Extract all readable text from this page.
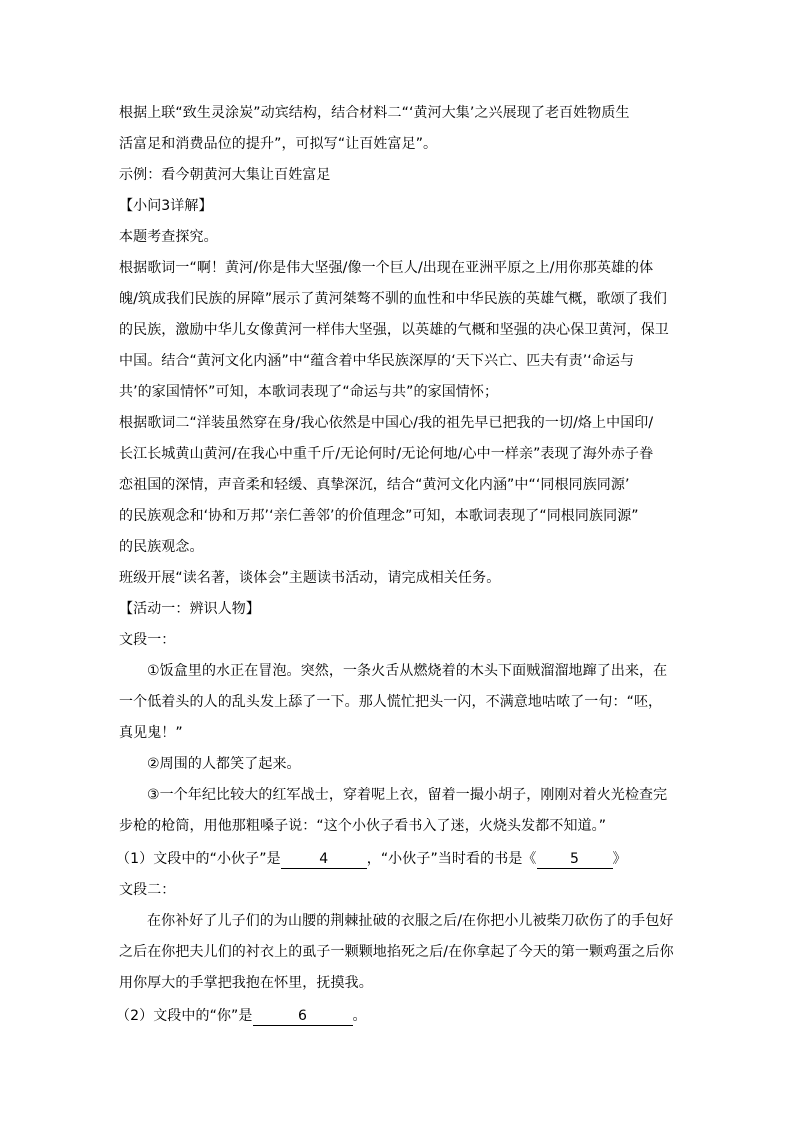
根据上联“致生灵涂炭”动宾结构，结合材料二“‘黄河大集’之兴展现了老百姓物质生
活富足和消费品位的提升”，可拟写“让百姓富足”。
示例：看今朝黄河大集让百姓富足
【小问3详解】
本题考查探究。
根据歌词一“啊！黄河/你是伟大坚强/像一个巨人/出现在亚洲平原之上/用你那英雄的体
魄/筑成我们民族的屏障”展示了黄河桀骜不驯的血性和中华民族的英雄气概，歌颂了我们
的民族，激励中华儿女像黄河一样伟大坚强，以英雄的气概和坚强的决心保卫黄河，保卫
中国。结合“黄河文化内涵”中“蕴含着中华民族深厚的‘天下兴亡、匹夫有责’‘命运与
共’的家国情怀”可知，本歌词表现了“命运与共”的家国情怀；
根据歌词二“洋装虽然穿在身/我心依然是中国心/我的祖先早已把我的一切/烙上中国印/
长江长城黄山黄河/在我心中重千斤/无论何时/无论何地/心中一样亲”表现了海外赤子眷
恋祖国的深情，声音柔和轻缓、真挚深沉，结合“黄河文化内涵”中“‘同根同族同源’
的民族观念和‘协和万邦’‘亲仁善邻’的价值理念”可知，本歌词表现了“同根同族同源”
的民族观念。
班级开展“读名著，谈体会”主题读书活动，请完成相关任务。
【活动一：辨识人物】
文段一：
①饭盒里的水正在冒泡。突然，一条火舌从燃烧着的木头下面贼溜溜地蹿了出来，在
一个低着头的人的乱头发上舔了一下。那人慌忙把头一闪，不满意地咕哝了一句：“呸，
真见鬼！”
②周围的人都笑了起来。
③一个年纪比较大的红军战士，穿着呢上衣，留着一撮小胡子，刚刚对着火光检查完
步枪的枪筒，用他那粗嗓子说：“这个小伙子看书入了迷，火烧头发都不知道。”
（1）文段中的“小伙子”是	4	，“小伙子”当时看的书是《 5 》
文段二：
在你补好了儿子们的为山腰的荆棘扯破的衣服之后/在你把小儿被柴刀砍伤了的手包好
之后在你把夫儿们的衬衣上的虱子一颗颗地掐死之后/在你拿起了今天的第一颗鸡蛋之后你
用你厚大的手掌把我抱在怀里，抚摸我。
（2）文段中的“你”是	6	。
